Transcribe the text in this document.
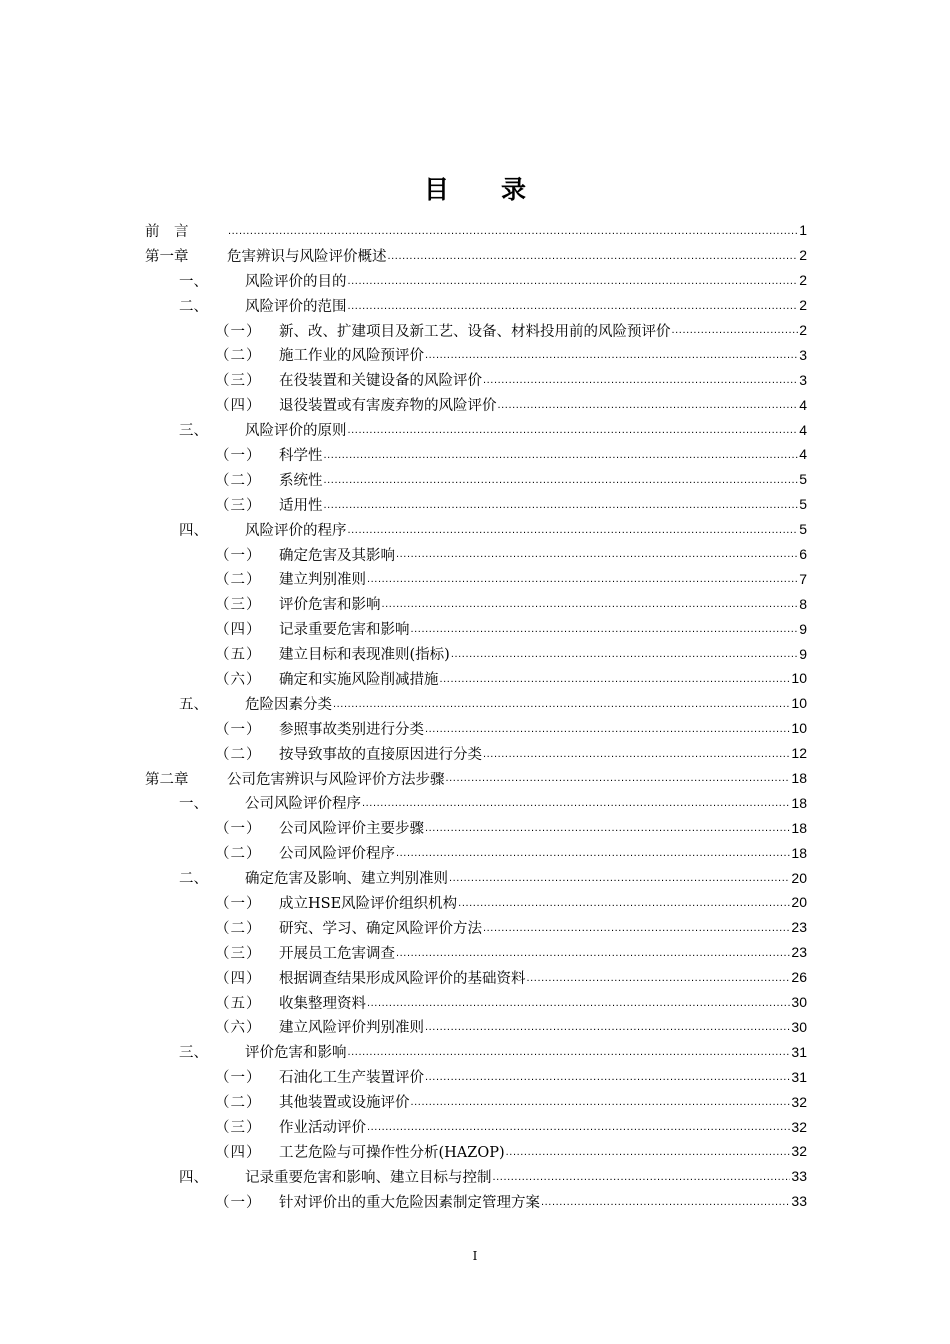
目 录
前　言 .....	1
第一章	危害辨识与风险评价概述 .....	2
一、	风险评价的目的 .....	2
二、	风险评价的范围 .....	2
（一）	新、改、扩建项目及新工艺、设备、材料投用前的风险预评价 .....	2
（二）	施工作业的风险预评价 .....	3
（三）	在役装置和关键设备的风险评价 .....	3
（四）	退役装置或有害废弃物的风险评价 .....	4
三、	风险评价的原则 .....	4
（一）	科学性 .....	4
（二）	系统性 .....	5
（三）	适用性 .....	5
四、	风险评价的程序 .....	5
（一）	确定危害及其影响 .....	6
（二）	建立判别准则 .....	7
（三）	评价危害和影响 .....	8
（四）	记录重要危害和影响 .....	9
（五）	建立目标和表现准则(指标) .....	9
（六）	确定和实施风险削减措施 .....	10
五、	危险因素分类 .....	10
（一）	参照事故类别进行分类 .....	10
（二）	按导致事故的直接原因进行分类 .....	12
第二章	公司危害辨识与风险评价方法步骤 .....	18
一、	公司风险评价程序 .....	18
（一）	公司风险评价主要步骤 .....	18
（二）	公司风险评价程序 .....	18
二、	确定危害及影响、建立判别准则 .....	20
（一）	成立HSE风险评价组织机构 .....	20
（二）	研究、学习、确定风险评价方法 .....	23
（三）	开展员工危害调查 .....	23
（四）	根据调查结果形成风险评价的基础资料 .....	26
（五）	收集整理资料 .....	30
（六）	建立风险评价判别准则 .....	30
三、	评价危害和影响 .....	31
（一）	石油化工生产装置评价 .....	31
（二）	其他装置或设施评价 .....	32
（三）	作业活动评价 .....	32
（四）	工艺危险与可操作性分析(HAZOP) .....	32
四、	记录重要危害和影响、建立目标与控制 .....	33
（一）	针对评价出的重大危险因素制定管理方案 .....	33
I
